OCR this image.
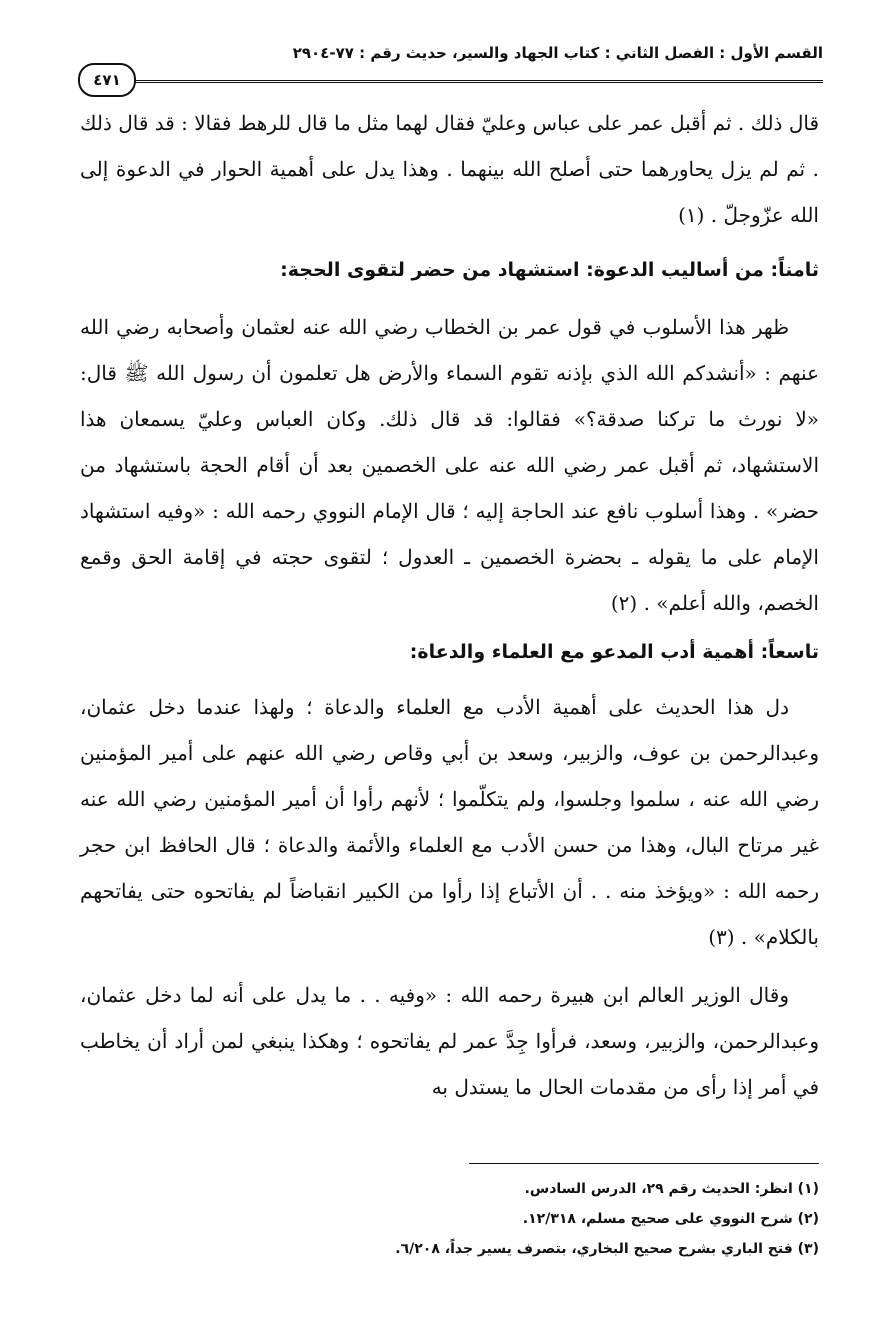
القسم الأول : الفصل الثاني : كتاب الجهاد والسير، حديث رقم : ٧٧-٢٩٠٤
٤٧١

قال ذلك . ثم أقبل عمر على عباس وعليّ فقال لهما مثل ما قال للرهط فقالا : قد قال ذلك . ثم لم يزل يحاورهما حتى أصلح الله بينهما . وهذا يدل على أهمية الحوار في الدعوة إلى الله عزّوجلّ . (١)

ثامناً: من أساليب الدعوة: استشهاد من حضر لتقوى الحجة:

ظهر هذا الأسلوب في قول عمر بن الخطاب رضي الله عنه لعثمان وأصحابه رضي الله عنهم : «أنشدكم الله الذي بإذنه تقوم السماء والأرض هل تعلمون أن رسول الله ﷺ قال: «لا نورث ما تركنا صدقة؟» فقالوا: قد قال ذلك. وكان العباس وعليّ يسمعان هذا الاستشهاد، ثم أقبل عمر رضي الله عنه على الخصمين بعد أن أقام الحجة باستشهاد من حضر» . وهذا أسلوب نافع عند الحاجة إليه ؛ قال الإمام النووي رحمه الله : «وفيه استشهاد الإمام على ما يقوله ـ بحضرة الخصمين ـ العدول ؛ لتقوى حجته في إقامة الحق وقمع الخصم، والله أعلم» . (٢)

تاسعاً: أهمية أدب المدعو مع العلماء والدعاة:

دل هذا الحديث على أهمية الأدب مع العلماء والدعاة ؛ ولهذا عندما دخل عثمان، وعبدالرحمن بن عوف، والزبير، وسعد بن أبي وقاص رضي الله عنهم على أمير المؤمنين رضي الله عنه ، سلموا وجلسوا، ولم يتكلّموا ؛ لأنهم رأوا أن أمير المؤمنين رضي الله عنه غير مرتاح البال، وهذا من حسن الأدب مع العلماء والأئمة والدعاة ؛ قال الحافظ ابن حجر رحمه الله : «ويؤخذ منه . . أن الأتباع إذا رأوا من الكبير انقباضاً لم يفاتحوه حتى يفاتحهم بالكلام» . (٣)

وقال الوزير العالم ابن هبيرة رحمه الله : «وفيه . . ما يدل على أنه لما دخل عثمان، وعبدالرحمن، والزبير، وسعد، فرأوا جِدَّ عمر لم يفاتحوه ؛ وهكذا ينبغي لمن أراد أن يخاطب في أمر إذا رأى من مقدمات الحال ما يستدل به

(١) انظر: الحديث رقم ٢٩، الدرس السادس.
(٢) شرح النووي على صحيح مسلم، ١٢/٣١٨.
(٣) فتح الباري بشرح صحيح البخاري، بتصرف يسير جداً، ٦/٢٠٨.
